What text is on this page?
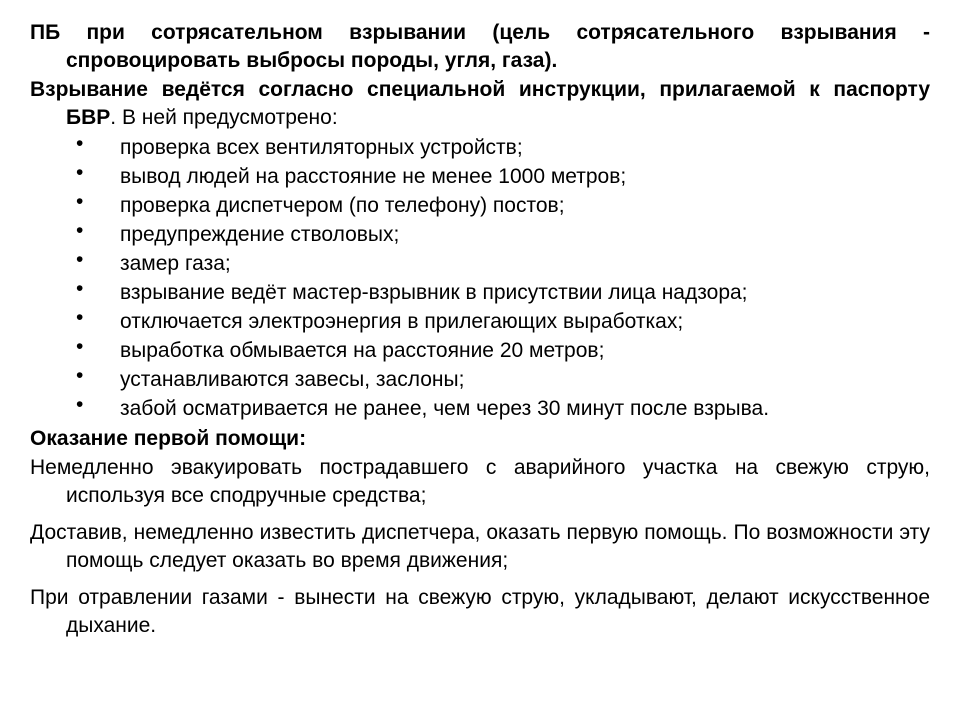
ПБ при сотрясательном взрывании (цель сотрясательного взрывания - спровоцировать выбросы породы, угля, газа).

Взрывание ведётся согласно специальной инструкции, прилагаемой к паспорту БВР. В ней предусмотрено:

• проверка всех вентиляторных устройств;
• вывод людей на расстояние не менее 1000 метров;
• проверка диспетчером (по телефону) постов;
• предупреждение стволовых;
• замер газа;
• взрывание ведёт мастер-взрывник в присутствии лица надзора;
• отключается электроэнергия в прилегающих выработках;
• выработка обмывается на расстояние 20 метров;
• устанавливаются завесы, заслоны;
• забой осматривается не ранее, чем через 30 минут после взрыва.

Оказание первой помощи:

Немедленно эвакуировать пострадавшего с аварийного участка на свежую струю, используя все сподручные средства;

Доставив, немедленно известить диспетчера, оказать первую помощь. По возможности эту помощь следует оказать во время движения;

При отравлении газами - вынести на свежую струю, укладывают, делают искусственное дыхание.
